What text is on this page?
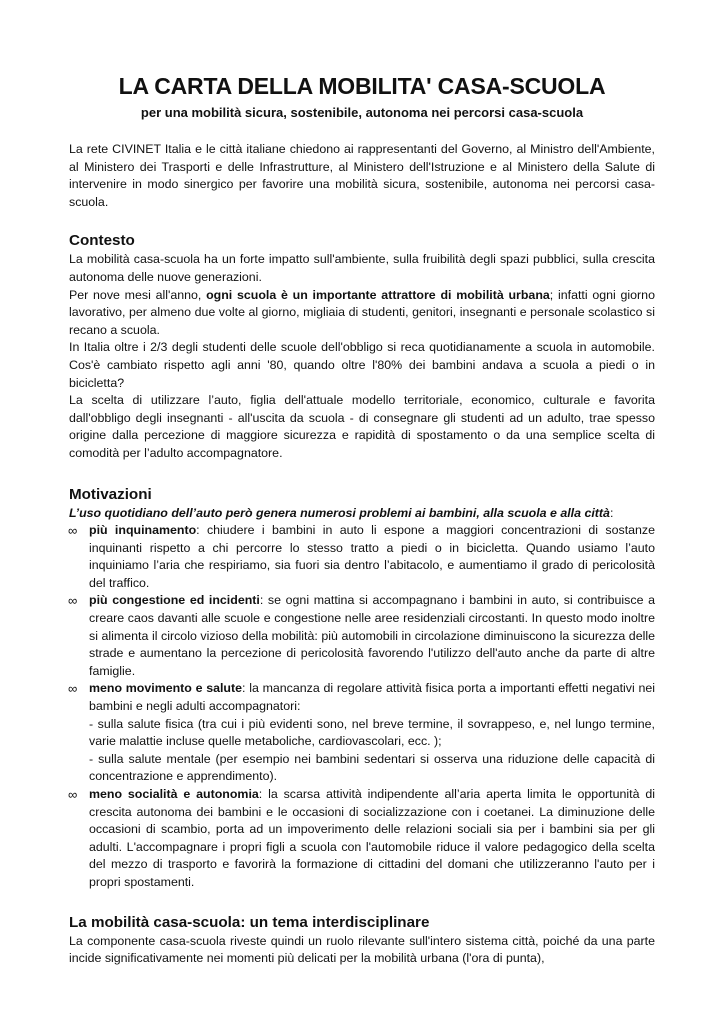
LA CARTA DELLA MOBILITA' CASA-SCUOLA
per una mobilità sicura, sostenibile, autonoma nei percorsi casa-scuola

La rete CIVINET Italia e le città italiane chiedono ai rappresentanti del Governo, al Ministro dell'Ambiente, al Ministero dei Trasporti e delle Infrastrutture, al Ministero dell'Istruzione e al Ministero della Salute di intervenire in modo sinergico per favorire una mobilità sicura, sostenibile, autonoma nei percorsi casa-scuola.

Contesto

La mobilità casa-scuola ha un forte impatto sull'ambiente, sulla fruibilità degli spazi pubblici, sulla crescita autonoma delle nuove generazioni.

Per nove mesi all'anno, ogni scuola è un importante attrattore di mobilità urbana; infatti ogni giorno lavorativo, per almeno due volte al giorno, migliaia di studenti, genitori, insegnanti e personale scolastico si recano a scuola.

In Italia oltre i 2/3 degli studenti delle scuole dell'obbligo si reca quotidianamente a scuola in automobile. Cos'è cambiato rispetto agli anni '80, quando oltre l'80% dei bambini andava a scuola a piedi o in bicicletta?

La scelta di utilizzare l’auto, figlia dell'attuale modello territoriale, economico, culturale e favorita dall'obbligo degli insegnanti - all'uscita da scuola - di consegnare gli studenti ad un adulto, trae spesso origine dalla percezione di maggiore sicurezza e rapidità di spostamento o da una semplice scelta di comodità per l’adulto accompagnatore.

Motivazioni

L’uso quotidiano dell’auto però genera numerosi problemi ai bambini, alla scuola e alla città:

∞ più inquinamento: chiudere i bambini in auto li espone a maggiori concentrazioni di sostanze inquinanti rispetto a chi percorre lo stesso tratto a piedi o in bicicletta. Quando usiamo l’auto inquiniamo l’aria che respiriamo, sia fuori sia dentro l’abitacolo, e aumentiamo il grado di pericolosità del traffico.
∞ più congestione ed incidenti: se ogni mattina si accompagnano i bambini in auto, si contribuisce a creare caos davanti alle scuole e congestione nelle aree residenziali circostanti. In questo modo inoltre si alimenta il circolo vizioso della mobilità: più automobili in circolazione diminuiscono la sicurezza delle strade e aumentano la percezione di pericolosità favorendo l'utilizzo dell'auto anche da parte di altre famiglie.
∞ meno movimento e salute: la mancanza di regolare attività fisica porta a importanti effetti negativi nei bambini e negli adulti accompagnatori:
- sulla salute fisica (tra cui i più evidenti sono, nel breve termine, il sovrappeso, e, nel lungo termine, varie malattie incluse quelle metaboliche, cardiovascolari, ecc. );
- sulla salute mentale (per esempio nei bambini sedentari si osserva una riduzione delle capacità di concentrazione e apprendimento).
∞ meno socialità e autonomia: la scarsa attività indipendente all’aria aperta limita le opportunità di crescita autonoma dei bambini e le occasioni di socializzazione con i coetanei. La diminuzione delle occasioni di scambio, porta ad un impoverimento delle relazioni sociali sia per i bambini sia per gli adulti. L'accompagnare i propri figli a scuola con l'automobile riduce il valore pedagogico della scelta del mezzo di trasporto e favorirà la formazione di cittadini del domani che utilizzeranno l'auto per i propri spostamenti.
La mobilità casa-scuola: un tema interdisciplinare

La componente casa-scuola riveste quindi un ruolo rilevante sull'intero sistema città, poiché da una parte incide significativamente nei momenti più delicati per la mobilità urbana (l'ora di punta),
